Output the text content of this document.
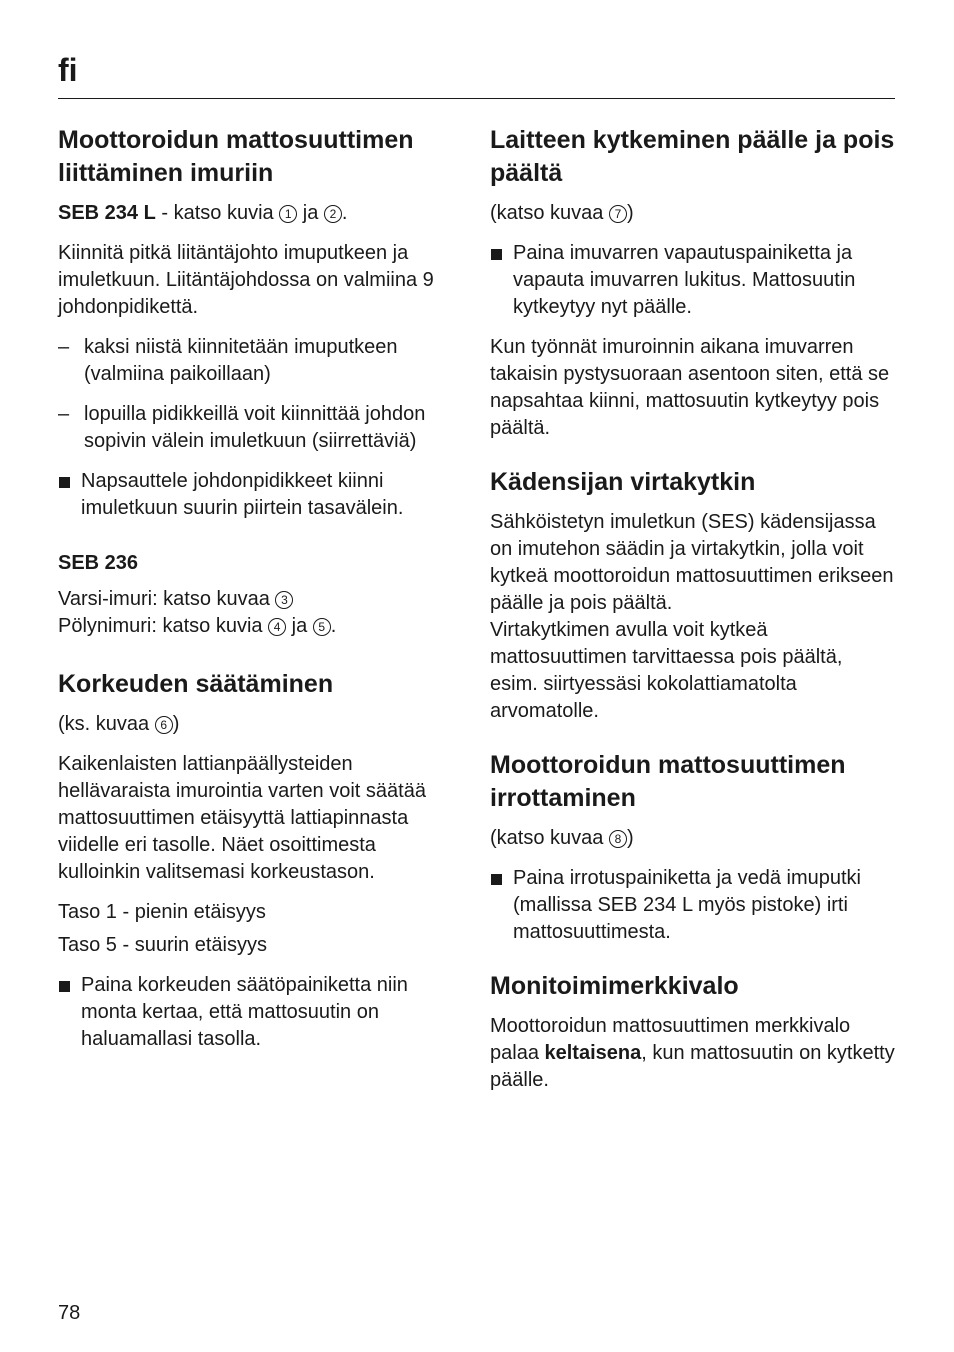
fi
Moottoroidun mattosuuttimen liittäminen imuriin

SEB 234 L - katso kuvia 1 ja 2 .

Kiinnitä pitkä liitäntäjohto imuputkeen ja imuletkuun. Liitäntäjohdossa on valmiina 9 johdonpidikettä.

– kaksi niistä kiinnitetään imuputkeen (valmiina paikoillaan)
– lopuilla pidikkeillä voit kiinnittää johdon sopivin välein imuletkuun (siirrettäviä)
Napsauttele johdonpidikkeet kiinni imuletkuun suurin piirtein tasavälein.
SEB 236

Varsi-imuri: katso kuvaa 3
Pölynimuri: katso kuvia 4 ja 5 .

Korkeuden säätäminen

(ks. kuvaa 6 )

Kaikenlaisten lattianpäällysteiden hellävaraista imurointia varten voit säätää mattosuuttimen etäisyyttä lattiapinnasta viidelle eri tasolle. Näet osoittimesta kulloinkin valitsemasi korkeustason.

Taso 1 - pienin etäisyys

Taso 5 - suurin etäisyys

Paina korkeuden säätöpainiketta niin monta kertaa, että mattosuutin on haluamallasi tasolla.
Laitteen kytkeminen päälle ja pois päältä

(katso kuvaa 7 )

Paina imuvarren vapautuspainiketta ja vapauta imuvarren lukitus. Mattosuutin kytkeytyy nyt päälle.

Kun työnnät imuroinnin aikana imuvarren takaisin pystysuoraan asentoon siten, että se napsahtaa kiinni, mattosuutin kytkeytyy pois päältä.

Kädensijan virtakytkin

Sähköistetyn imuletkun (SES) kädensijassa on imutehon säädin ja virtakytkin, jolla voit kytkeä moottoroidun mattosuuttimen erikseen päälle ja pois päältä.

Virtakytkimen avulla voit kytkeä mattosuuttimen tarvittaessa pois päältä, esim. siirtyessäsi kokolattiamatolta arvomatolle.

Moottoroidun mattosuuttimen irrottaminen

(katso kuvaa 8 )

Paina irrotuspainiketta ja vedä imuputki (mallissa SEB 234 L myös pistoke) irti mattosuuttimesta.
Monitoimimerkkivalo

Moottoroidun mattosuuttimen merkkivalo palaa keltaisena, kun mattosuutin on kytketty päälle.

78
